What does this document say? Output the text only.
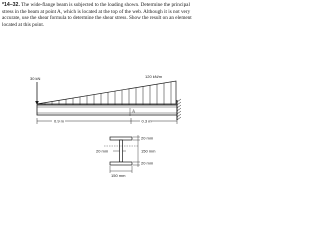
*14–32. The wide-flange beam is subjected to the loading shown. Determine the principal stress in the beam at point A, which is located at the top of the web. Although it is not very accurate, use the shear formula to determine the shear stress. Show the result on an element located at this point.
30 kN	120 kN/m
A
0.9 m	0.3 m
20 mm
150 mm
20 mm
20 mm
150 mm
